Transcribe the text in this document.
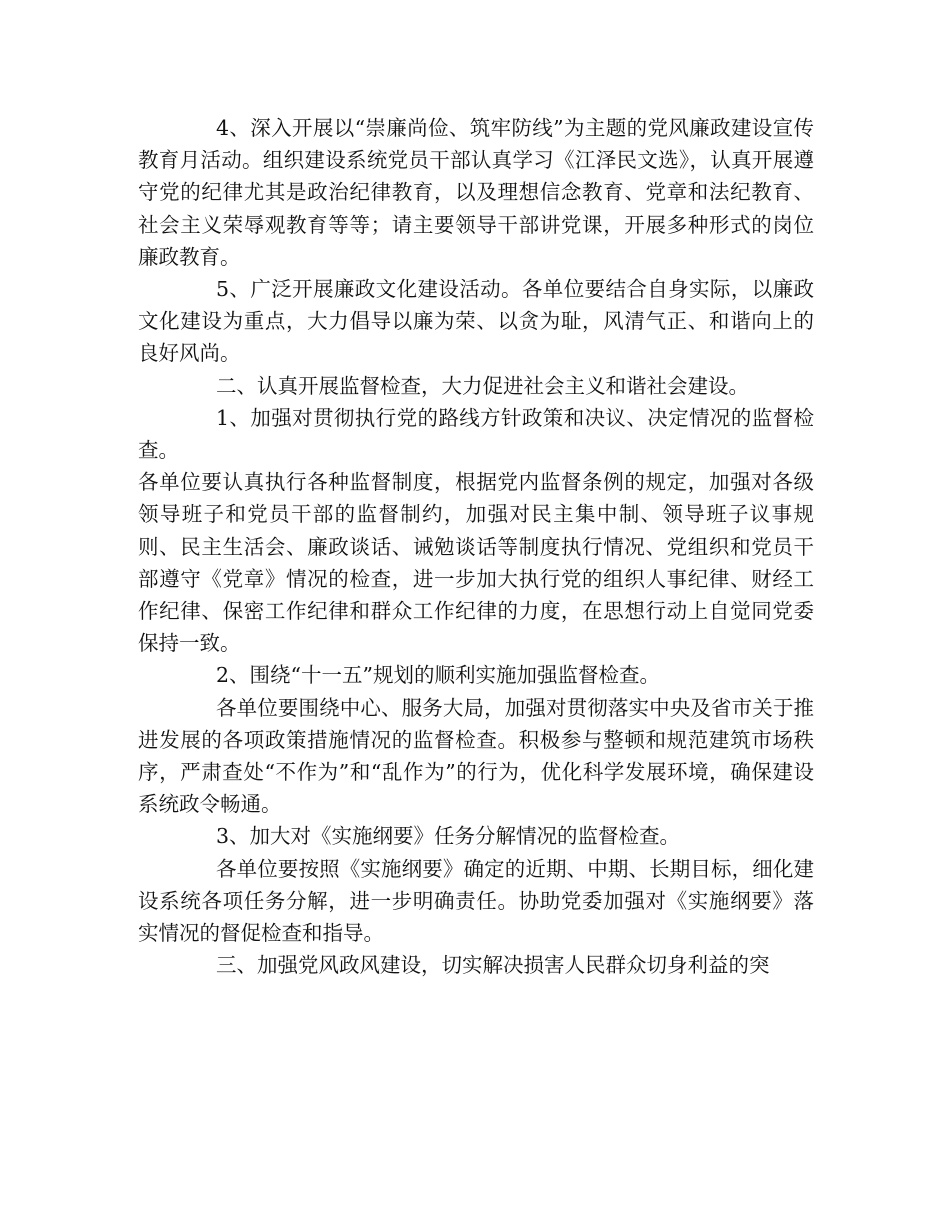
4、深入开展以“崇廉尚俭、筑牢防线”为主题的党风廉政建设宣传教育月活动。组织建设系统党员干部认真学习《江泽民文选》，认真开展遵守党的纪律尤其是政治纪律教育，以及理想信念教育、党章和法纪教育、社会主义荣辱观教育等等；请主要领导干部讲党课，开展多种形式的岗位廉政教育。

5、广泛开展廉政文化建设活动。各单位要结合自身实际，以廉政文化建设为重点，大力倡导以廉为荣、以贪为耻，风清气正、和谐向上的良好风尚。

二、认真开展监督检查，大力促进社会主义和谐社会建设。

1、加强对贯彻执行党的路线方针政策和决议、决定情况的监督检查。

各单位要认真执行各种监督制度，根据党内监督条例的规定，加强对各级领导班子和党员干部的监督制约，加强对民主集中制、领导班子议事规则、民主生活会、廉政谈话、诫勉谈话等制度执行情况、党组织和党员干部遵守《党章》情况的检查，进一步加大执行党的组织人事纪律、财经工作纪律、保密工作纪律和群众工作纪律的力度，在思想行动上自觉同党委保持一致。

2、围绕“十一五”规划的顺利实施加强监督检查。

各单位要围绕中心、服务大局，加强对贯彻落实中央及省市关于推进发展的各项政策措施情况的监督检查。积极参与整顿和规范建筑市场秩序，严肃查处“不作为”和“乱作为”的行为，优化科学发展环境，确保建设系统政令畅通。

3、加大对《实施纲要》任务分解情况的监督检查。

各单位要按照《实施纲要》确定的近期、中期、长期目标，细化建设系统各项任务分解，进一步明确责任。协助党委加强对《实施纲要》落实情况的督促检查和指导。

三、加强党风政风建设，切实解决损害人民群众切身利益的突
